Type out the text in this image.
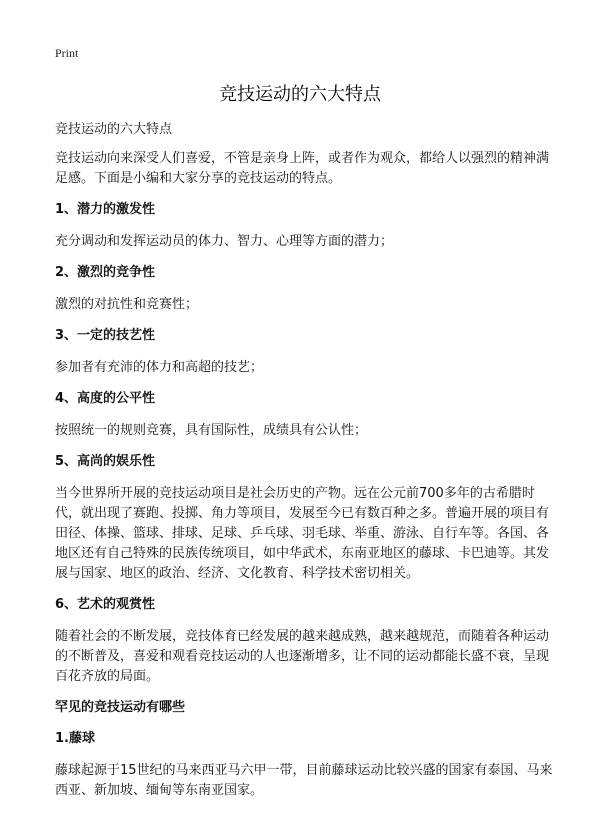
Print
竞技运动的六大特点
竞技运动的六大特点
竞技运动向来深受人们喜爱，不管是亲身上阵，或者作为观众，都给人以强烈的精神满足感。下面是小编和大家分享的竞技运动的特点。
1、潜力的激发性
充分调动和发挥运动员的体力、智力、心理等方面的潜力；
2、激烈的竞争性
激烈的对抗性和竞赛性；
3、一定的技艺性
参加者有充沛的体力和高超的技艺；
4、高度的公平性
按照统一的规则竞赛，具有国际性，成绩具有公认性；
5、高尚的娱乐性
当今世界所开展的竞技运动项目是社会历史的产物。远在公元前700多年的古希腊时代，就出现了赛跑、投掷、角力等项目，发展至今已有数百种之多。普遍开展的项目有田径、体操、篮球、排球、足球、乒乓球、羽毛球、举重、游泳、自行车等。各国、各地区还有自己特殊的民族传统项目，如中华武术，东南亚地区的藤球、卡巴迪等。其发展与国家、地区的政治、经济、文化教育、科学技术密切相关。
6、艺术的观赏性
随着社会的不断发展，竞技体育已经发展的越来越成熟，越来越规范，而随着各种运动的不断普及，喜爱和观看竞技运动的人也逐渐增多，让不同的运动都能长盛不衰，呈现百花齐放的局面。
罕见的竞技运动有哪些
1.藤球
藤球起源于15世纪的马来西亚马六甲一带，目前藤球运动比较兴盛的国家有泰国、马来西亚、新加坡、缅甸等东南亚国家。
